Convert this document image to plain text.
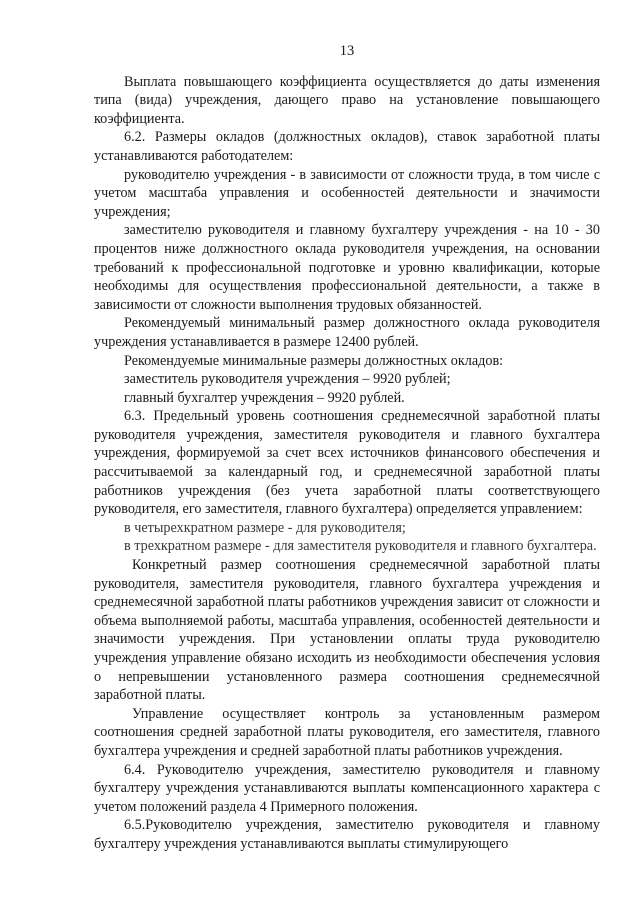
13

Выплата повышающего коэффициента осуществляется до даты изменения типа (вида) учреждения, дающего право на установление повышающего коэффициента.

6.2. Размеры окладов (должностных окладов), ставок заработной платы устанавливаются работодателем:

руководителю учреждения - в зависимости от сложности труда, в том числе с учетом масштаба управления и особенностей деятельности и значимости учреждения;

заместителю руководителя и главному бухгалтеру учреждения - на 10 - 30 процентов ниже должностного оклада руководителя учреждения, на основании требований к профессиональной подготовке и уровню квалификации, которые необходимы для осуществления профессиональной деятельности, а также в зависимости от сложности выполнения трудовых обязанностей.

Рекомендуемый минимальный размер должностного оклада руководителя учреждения устанавливается в размере 12400 рублей.

Рекомендуемые минимальные размеры должностных окладов:

заместитель руководителя учреждения – 9920 рублей;

главный бухгалтер учреждения – 9920 рублей.

6.3. Предельный уровень соотношения среднемесячной заработной платы руководителя учреждения, заместителя руководителя и главного бухгалтера учреждения, формируемой за счет всех источников финансового обеспечения и рассчитываемой за календарный год, и среднемесячной заработной платы работников учреждения (без учета заработной платы соответствующего руководителя, его заместителя, главного бухгалтера) определяется управлением:

в четырехкратном размере - для руководителя;

в трехкратном размере - для заместителя руководителя и главного бухгалтера.

Конкретный размер соотношения среднемесячной заработной платы руководителя, заместителя руководителя, главного бухгалтера учреждения и среднемесячной заработной платы работников учреждения зависит от сложности и объема выполняемой работы, масштаба управления, особенностей деятельности и значимости учреждения. При установлении оплаты труда руководителю учреждения управление обязано исходить из необходимости обеспечения условия о непревышении установленного размера соотношения среднемесячной заработной платы.

Управление осуществляет контроль за установленным размером соотношения средней заработной платы руководителя, его заместителя, главного бухгалтера учреждения и средней заработной платы работников учреждения.

6.4. Руководителю учреждения, заместителю руководителя и главному бухгалтеру учреждения устанавливаются выплаты компенсационного характера с учетом положений раздела 4 Примерного положения.

6.5.Руководителю учреждения, заместителю руководителя и главному бухгалтеру учреждения устанавливаются выплаты стимулирующего
